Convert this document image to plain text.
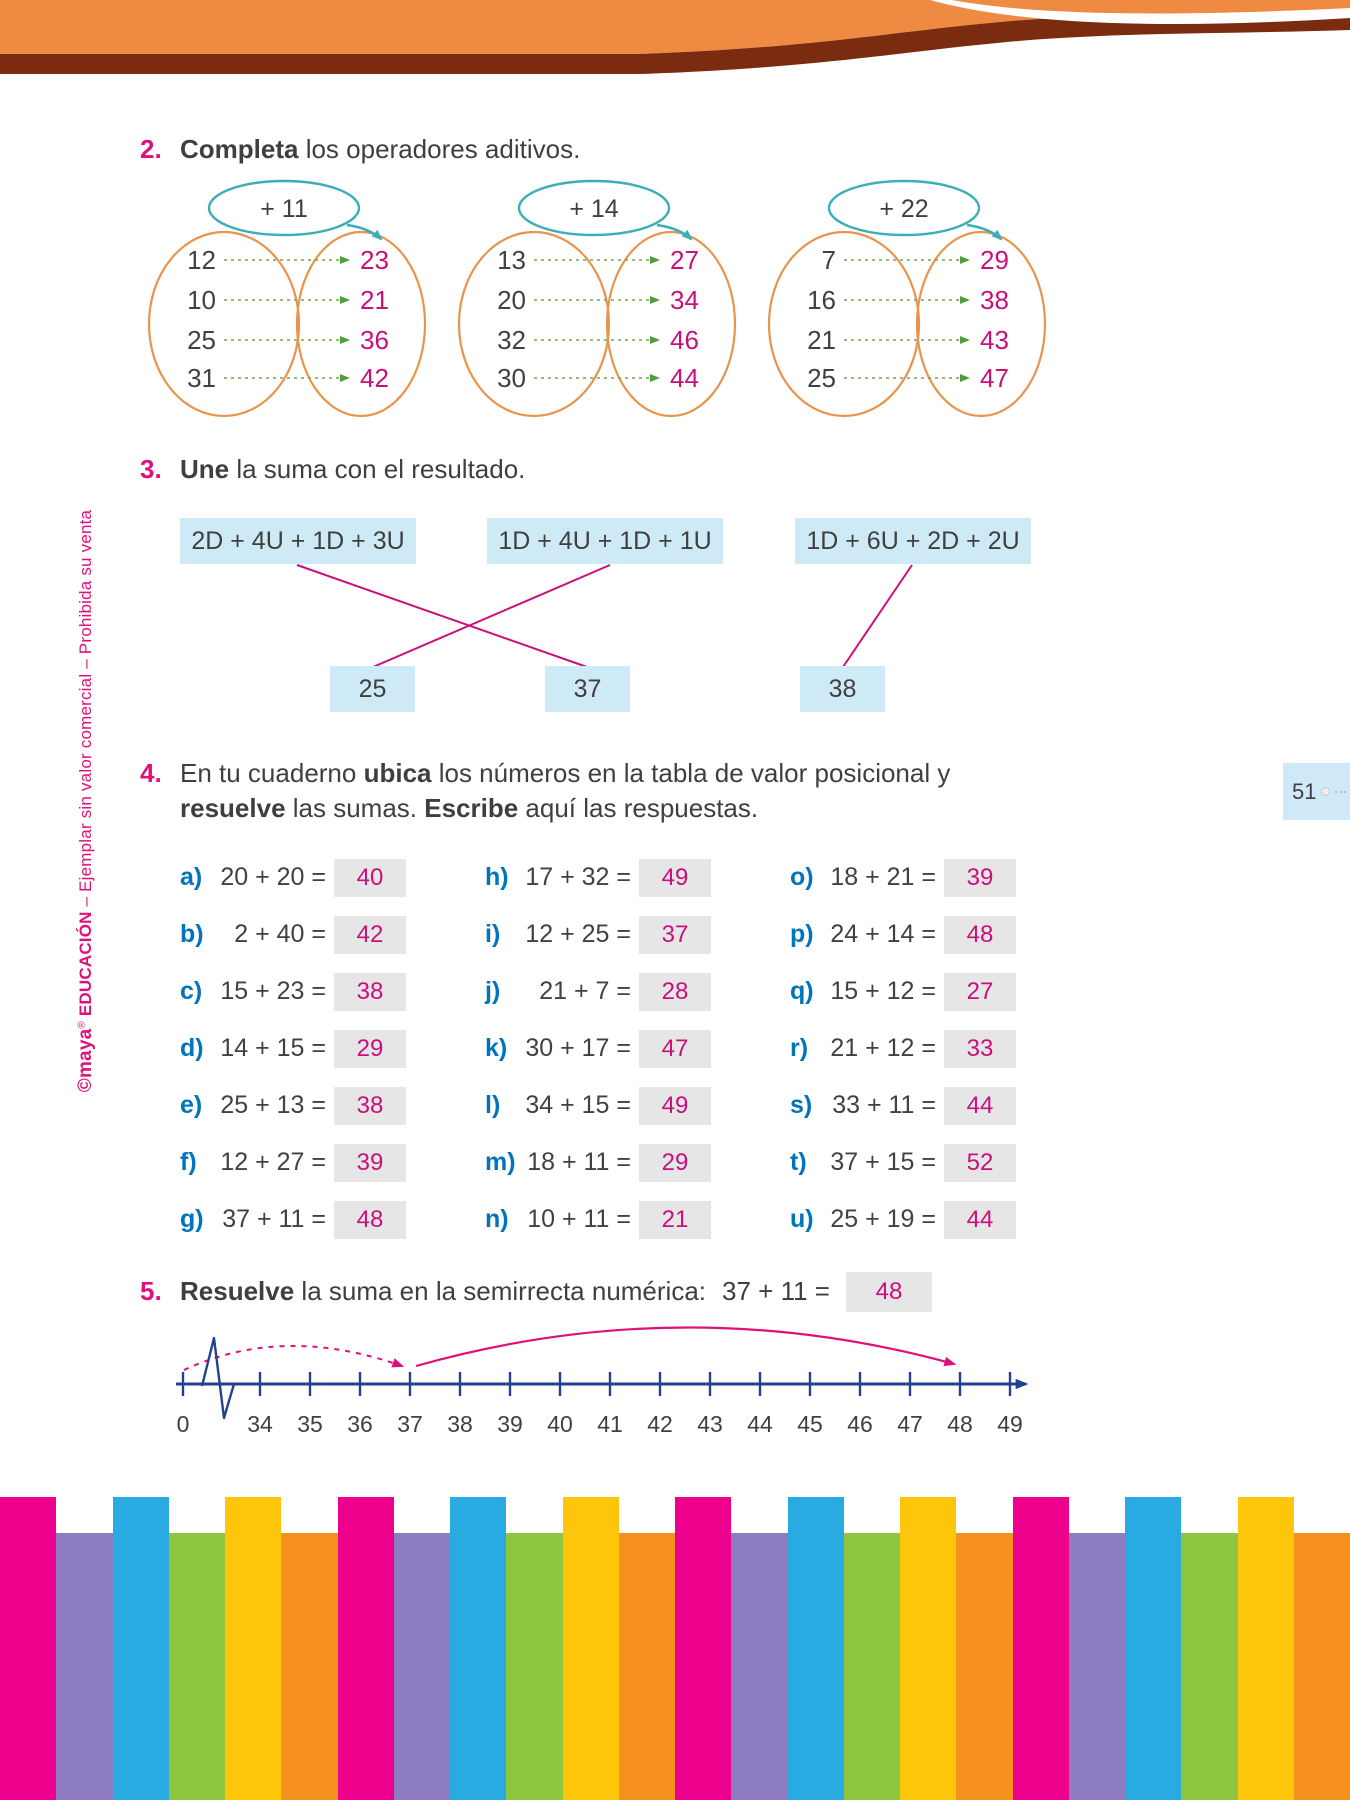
©maya® EDUCACIÓN – Ejemplar sin valor comercial – Prohibida su venta	51
2. Completa los operadores aditivos.
+ 11
12	23
10	21
25	36
31	42
+ 14
13	27
20	34
32	46
30	44
+ 22
7	29
16	38
21	43
25	47
3. Une la suma con el resultado.
2D + 4U + 1D + 3U	1D + 4U + 1D + 1U	1D + 6U + 2D + 2U
25	37	38
4. En tu cuaderno ubica los números en la tabla de valor posicional y resuelve las sumas. Escribe aquí las respuestas.
a) 20 + 20 =	40
b)	2 + 40 =	42
c) 15 + 23 =	38
d) 14 + 15 =	29
e) 25 + 13 =	38
f) 12 + 27 =	39
g) 37 + 11 =	48
h) 17 + 32 =	49
i)	12 + 25 =	37
j)	21 + 7 =	28
k) 30 + 17 =	47
l)	34 + 15 =	49
m) 18 + 11 =	29
n) 10 + 11 =	21
o) 18 + 21 =	39
p) 24 + 14 =	48
q) 15 + 12 =	27
r) 21 + 12 =	33
s) 33 + 11 =	44
t) 37 + 15 =	52
u) 25 + 19 =	44
5. Resuelve la suma en la semirrecta numérica: 37 + 11 =	48
0	34 35 36 37 38 39 40 41 42 43 44 45 46 47 48 49
